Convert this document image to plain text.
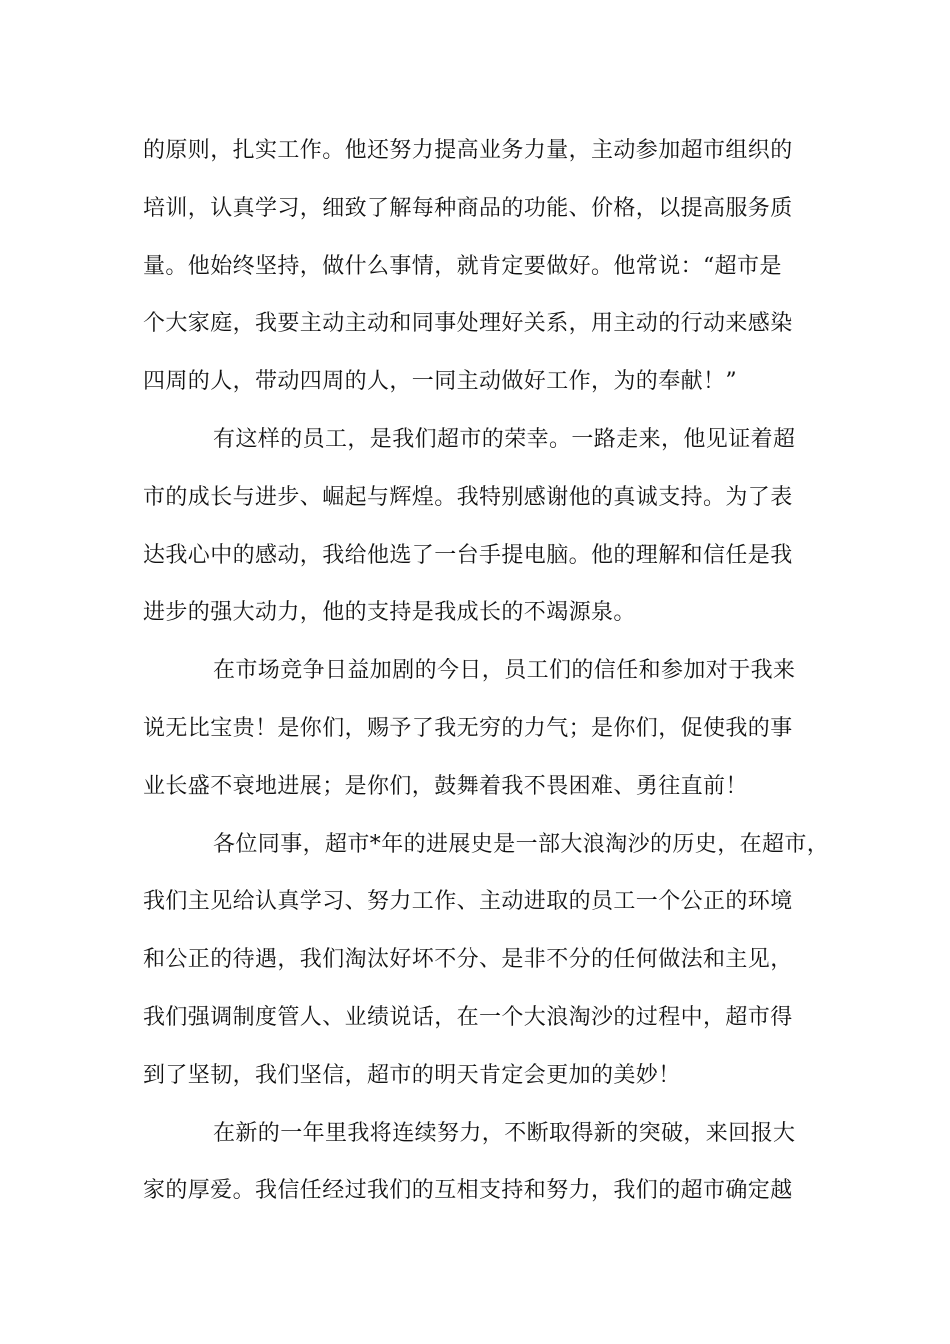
的原则，扎实工作。他还努力提高业务力量，主动参加超市组织的
培训，认真学习，细致了解每种商品的功能、价格，以提高服务质
量。他始终坚持，做什么事情，就肯定要做好。他常说：“超市是
个大家庭，我要主动主动和同事处理好关系，用主动的行动来感染
四周的人，带动四周的人，一同主动做好工作，为的奉献！”
有这样的员工，是我们超市的荣幸。一路走来，他见证着超
市的成长与进步、崛起与辉煌。我特别感谢他的真诚支持。为了表
达我心中的感动，我给他选了一台手提电脑。他的理解和信任是我
进步的强大动力，他的支持是我成长的不竭源泉。
在市场竞争日益加剧的今日，员工们的信任和参加对于我来
说无比宝贵！是你们，赐予了我无穷的力气；是你们，促使我的事
业长盛不衰地进展；是你们，鼓舞着我不畏困难、勇往直前！
各位同事，超市*年的进展史是一部大浪淘沙的历史，在超市，
我们主见给认真学习、努力工作、主动进取的员工一个公正的环境
和公正的待遇，我们淘汰好坏不分、是非不分的任何做法和主见，
我们强调制度管人、业绩说话，在一个大浪淘沙的过程中，超市得
到了坚韧，我们坚信，超市的明天肯定会更加的美妙！
在新的一年里我将连续努力，不断取得新的突破，来回报大
家的厚爱。我信任经过我们的互相支持和努力，我们的超市确定越
